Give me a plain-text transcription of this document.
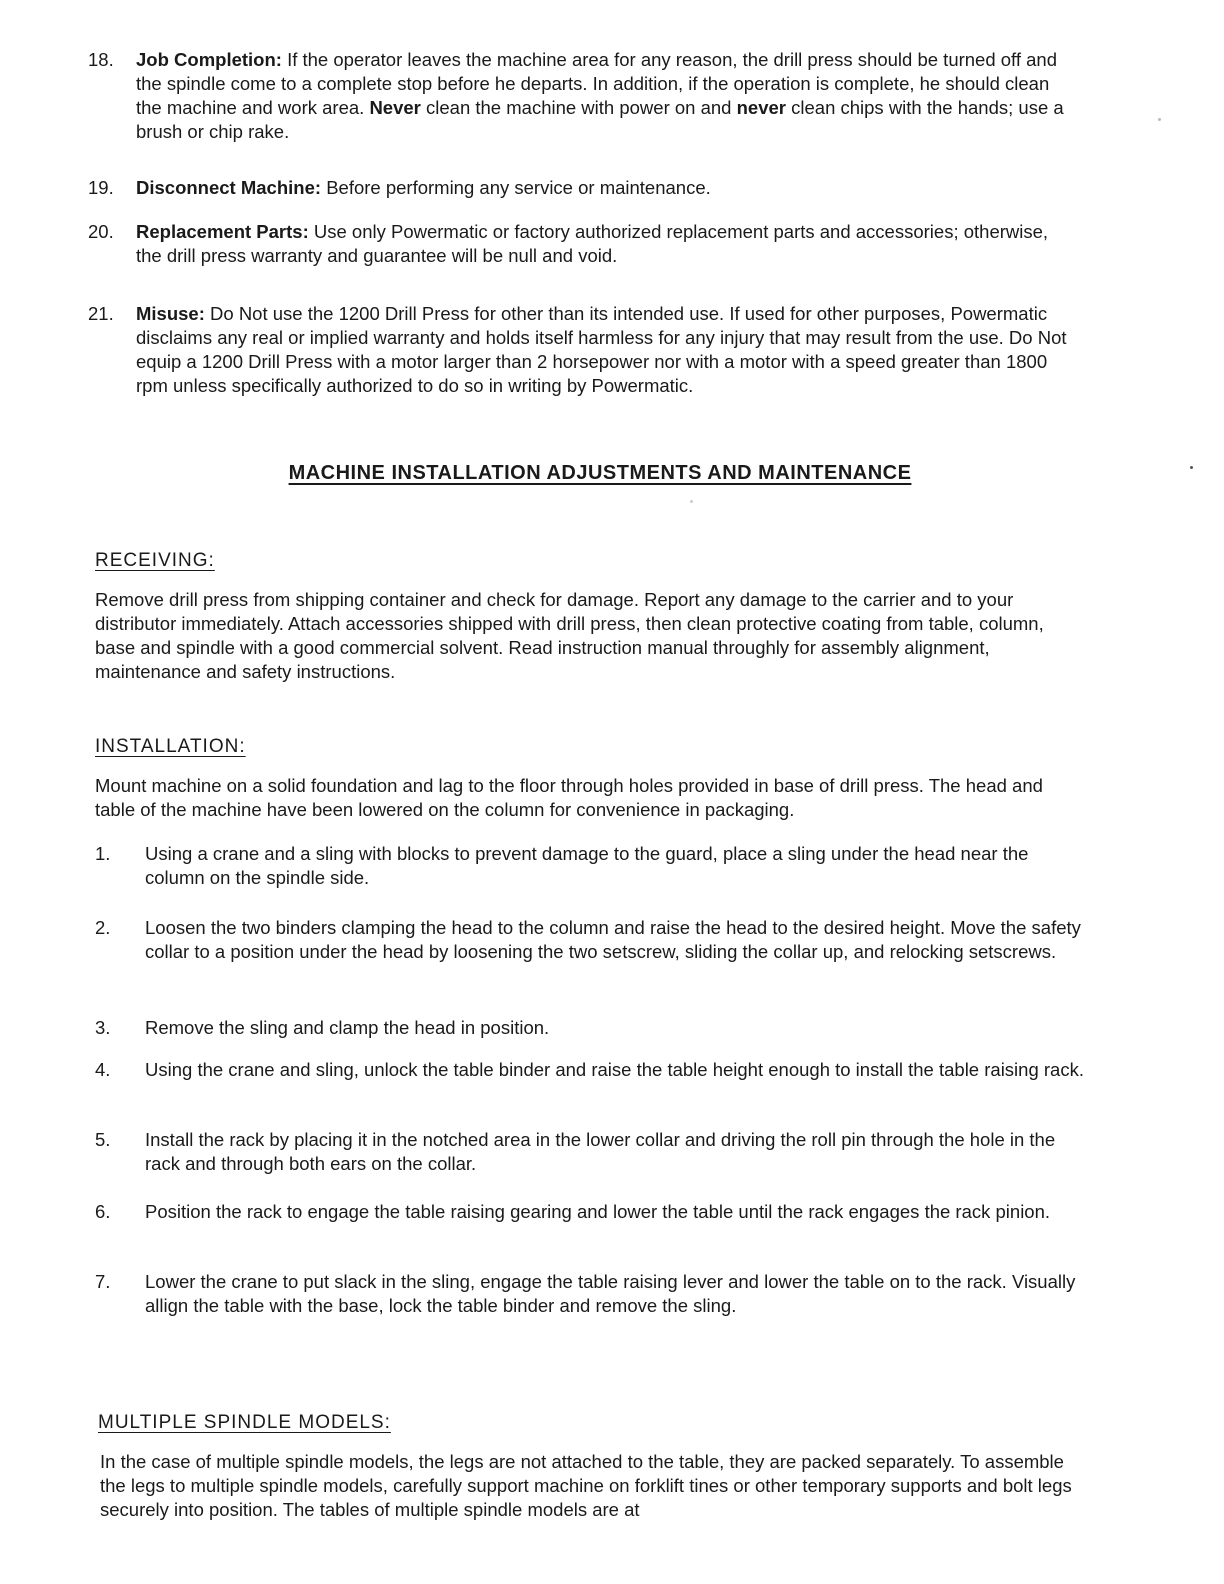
18.	Job Completion: If the operator leaves the machine area for any reason, the drill press should be turned off and the spindle come to a complete stop before he departs. In addition, if the operation is complete, he should clean the machine and work area. Never clean the machine with power on and never clean chips with the hands; use a brush or chip rake.
19.	Disconnect Machine: Before performing any service or maintenance.
20.	Replacement Parts: Use only Powermatic or factory authorized replacement parts and accessories; otherwise, the drill press warranty and guarantee will be null and void.
21.	Misuse: Do Not use the 1200 Drill Press for other than its intended use. If used for other purposes, Powermatic disclaims any real or implied warranty and holds itself harmless for any injury that may result from the use. Do Not equip a 1200 Drill Press with a motor larger than 2 horsepower nor with a motor with a speed greater than 1800 rpm unless specifically authorized to do so in writing by Powermatic.
MACHINE INSTALLATION ADJUSTMENTS AND MAINTENANCE
RECEIVING:
Remove drill press from shipping container and check for damage. Report any damage to the carrier and to your distributor immediately. Attach accessories shipped with drill press, then clean protective coating from table, column, base and spindle with a good commercial solvent. Read instruction manual throughly for assembly alignment, maintenance and safety instructions.
INSTALLATION:
Mount machine on a solid foundation and lag to the floor through holes provided in base of drill press. The head and table of the machine have been lowered on the column for convenience in packaging.
1.	Using a crane and a sling with blocks to prevent damage to the guard, place a sling under the head near the column on the spindle side.
2.	Loosen the two binders clamping the head to the column and raise the head to the desired height. Move the safety collar to a position under the head by loosening the two setscrew, sliding the collar up, and relocking setscrews.
3.	Remove the sling and clamp the head in position.
4.	Using the crane and sling, unlock the table binder and raise the table height enough to install the table raising rack.
5.	Install the rack by placing it in the notched area in the lower collar and driving the roll pin through the hole in the rack and through both ears on the collar.
6.	Position the rack to engage the table raising gearing and lower the table until the rack engages the rack pinion.
7.	Lower the crane to put slack in the sling, engage the table raising lever and lower the table on to the rack. Visually allign the table with the base, lock the table binder and remove the sling.
MULTIPLE SPINDLE MODELS:
In the case of multiple spindle models, the legs are not attached to the table, they are packed separately. To assemble the legs to multiple spindle models, carefully support machine on forklift tines or other temporary supports and bolt legs securely into position. The tables of multiple spindle models are at
